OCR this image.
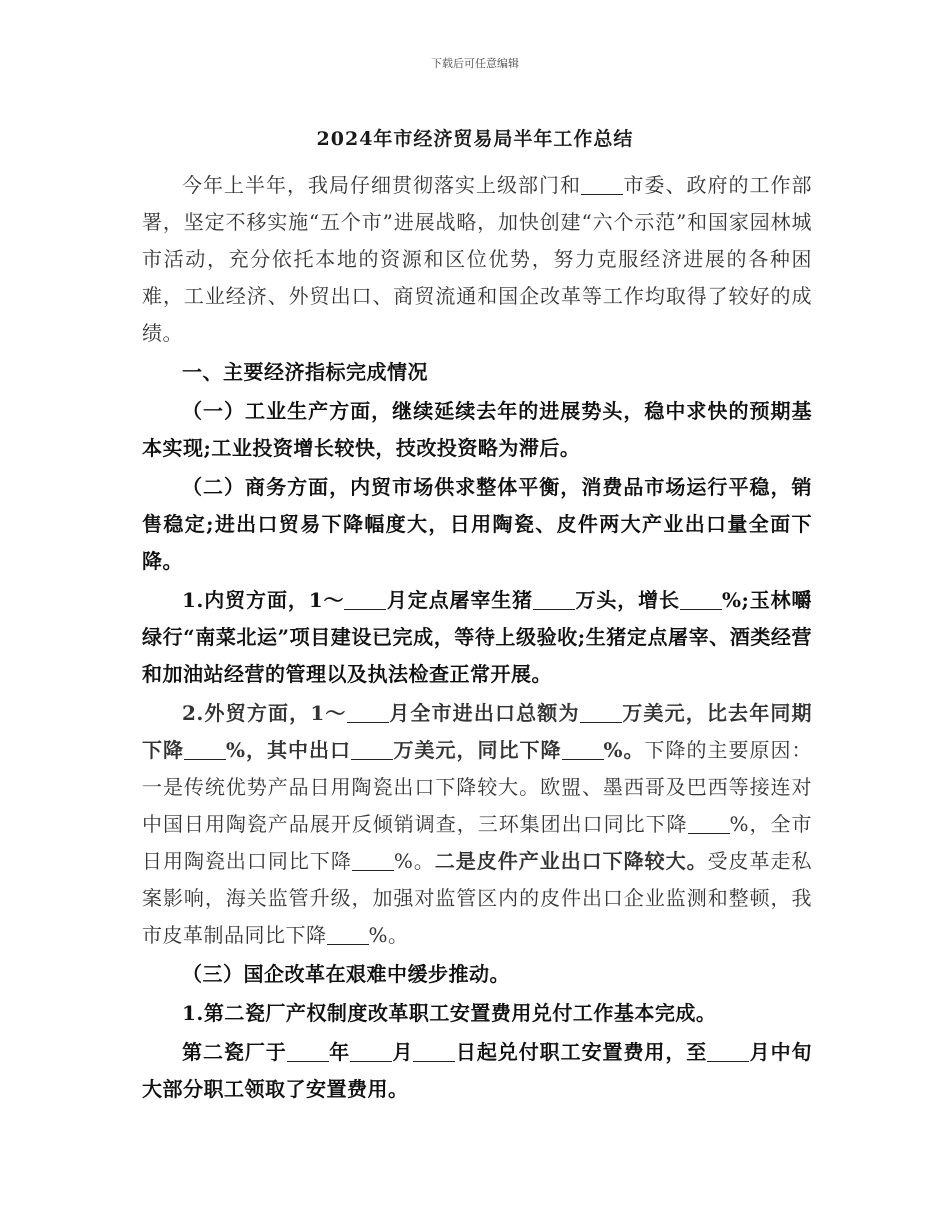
下载后可任意编辑
2024年市经济贸易局半年工作总结

今年上半年，我局仔细贯彻落实上级部门和 市委、政府的工作部署，坚定不移实施“五个市”进展战略，加快创建“六个示范”和国家园林城市活动，充分依托本地的资源和区位优势，努力克服经济进展的各种困难，工业经济、外贸出口、商贸流通和国企改革等工作均取得了较好的成绩。

一、主要经济指标完成情况

（一）工业生产方面，继续延续去年的进展势头，稳中求快的预期基本实现;工业投资增长较快，技改投资略为滞后。

（二）商务方面，内贸市场供求整体平衡，消费品市场运行平稳，销售稳定;进出口贸易下降幅度大，日用陶瓷、皮件两大产业出口量全面下降。

1.内贸方面，1～ 月定点屠宰生猪 万头，增长 %;玉林嚼绿行“南菜北运”项目建设已完成，等待上级验收;生猪定点屠宰、酒类经营和加油站经营的管理以及执法检查正常开展。

2.外贸方面，1～ 月全市进出口总额为 万美元，比去年同期下降 %，其中出口 万美元，同比下降 %。下降的主要原因：一是传统优势产品日用陶瓷出口下降较大。欧盟、墨西哥及巴西等接连对中国日用陶瓷产品展开反倾销调查，三环集团出口同比下降 %，全市日用陶瓷出口同比下降 %。二是皮件产业出口下降较大。受皮革走私案影响，海关监管升级，加强对监管区内的皮件出口企业监测和整顿，我市皮革制品同比下降 %。

（三）国企改革在艰难中缓步推动。

1.第二瓷厂产权制度改革职工安置费用兑付工作基本完成。

第二瓷厂于 年 月 日起兑付职工安置费用，至 月中旬大部分职工领取了安置费用。
